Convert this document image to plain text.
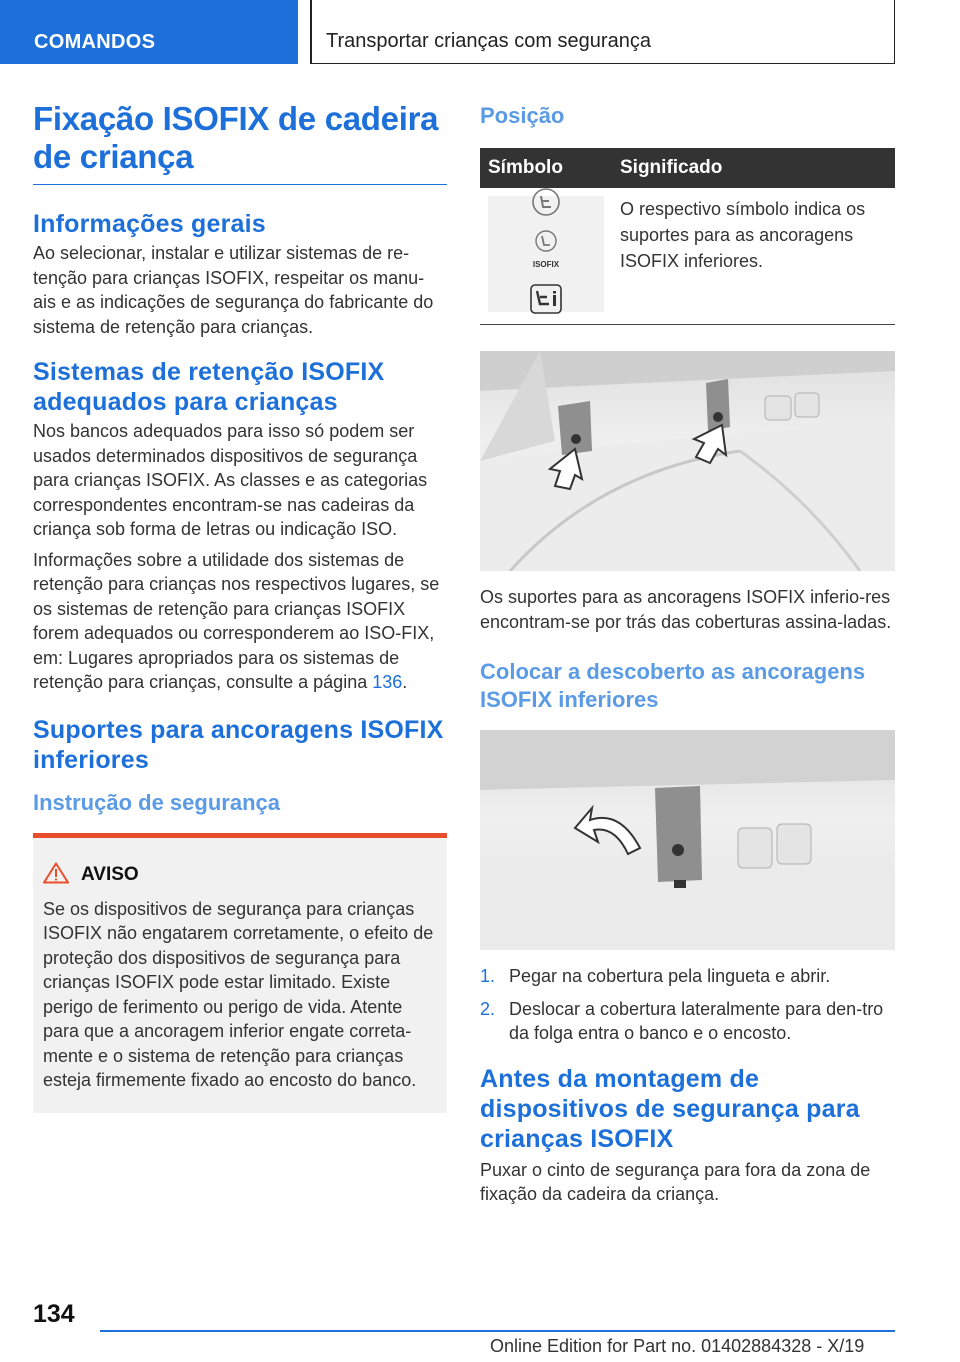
COMANDOS	Transportar crianças com segurança
Fixação ISOFIX de cadeira de criança
Informações gerais

Ao selecionar, instalar e utilizar sistemas de re-tenção para crianças ISOFIX, respeitar os manu-ais e as indicações de segurança do fabricante do sistema de retenção para crianças.

Sistemas de retenção ISOFIX adequados para crianças

Nos bancos adequados para isso só podem ser usados determinados dispositivos de segurança para crianças ISOFIX. As classes e as categorias correspondentes encontram-se nas cadeiras da criança sob forma de letras ou indicação ISO.

Informações sobre a utilidade dos sistemas de retenção para crianças nos respectivos lugares, se os sistemas de retenção para crianças ISOFIX forem adequados ou corresponderem ao ISO-FIX, em: Lugares apropriados para os sistemas de retenção para crianças, consulte a página 136.

Suportes para ancoragens ISOFIX inferiores
Instrução de segurança
AVISO

Se os dispositivos de segurança para crianças ISOFIX não engatarem corretamente, o efeito de proteção dos dispositivos de segurança para crianças ISOFIX pode estar limitado. Existe perigo de ferimento ou perigo de vida. Atente para que a ancoragem inferior engate correta-mente e o sistema de retenção para crianças esteja firmemente fixado ao encosto do banco.

Posição
Símbolo	Significado

ISOFIX	O respectivo símbolo indica os suportes para as ancoragens ISOFIX inferiores.

Os suportes para as ancoragens ISOFIX inferio-res encontram-se por trás das coberturas assina-ladas.

Colocar a descoberto as ancoragens ISOFIX inferiores
1. Pegar na cobertura pela lingueta e abrir.
2. Deslocar a cobertura lateralmente para den-tro da folga entra o banco e o encosto.
Antes da montagem de dispositivos de segurança para crianças ISOFIX

Puxar o cinto de segurança para fora da zona de fixação da cadeira da criança.

134
Online Edition for Part no. 01402884328 - X/19
